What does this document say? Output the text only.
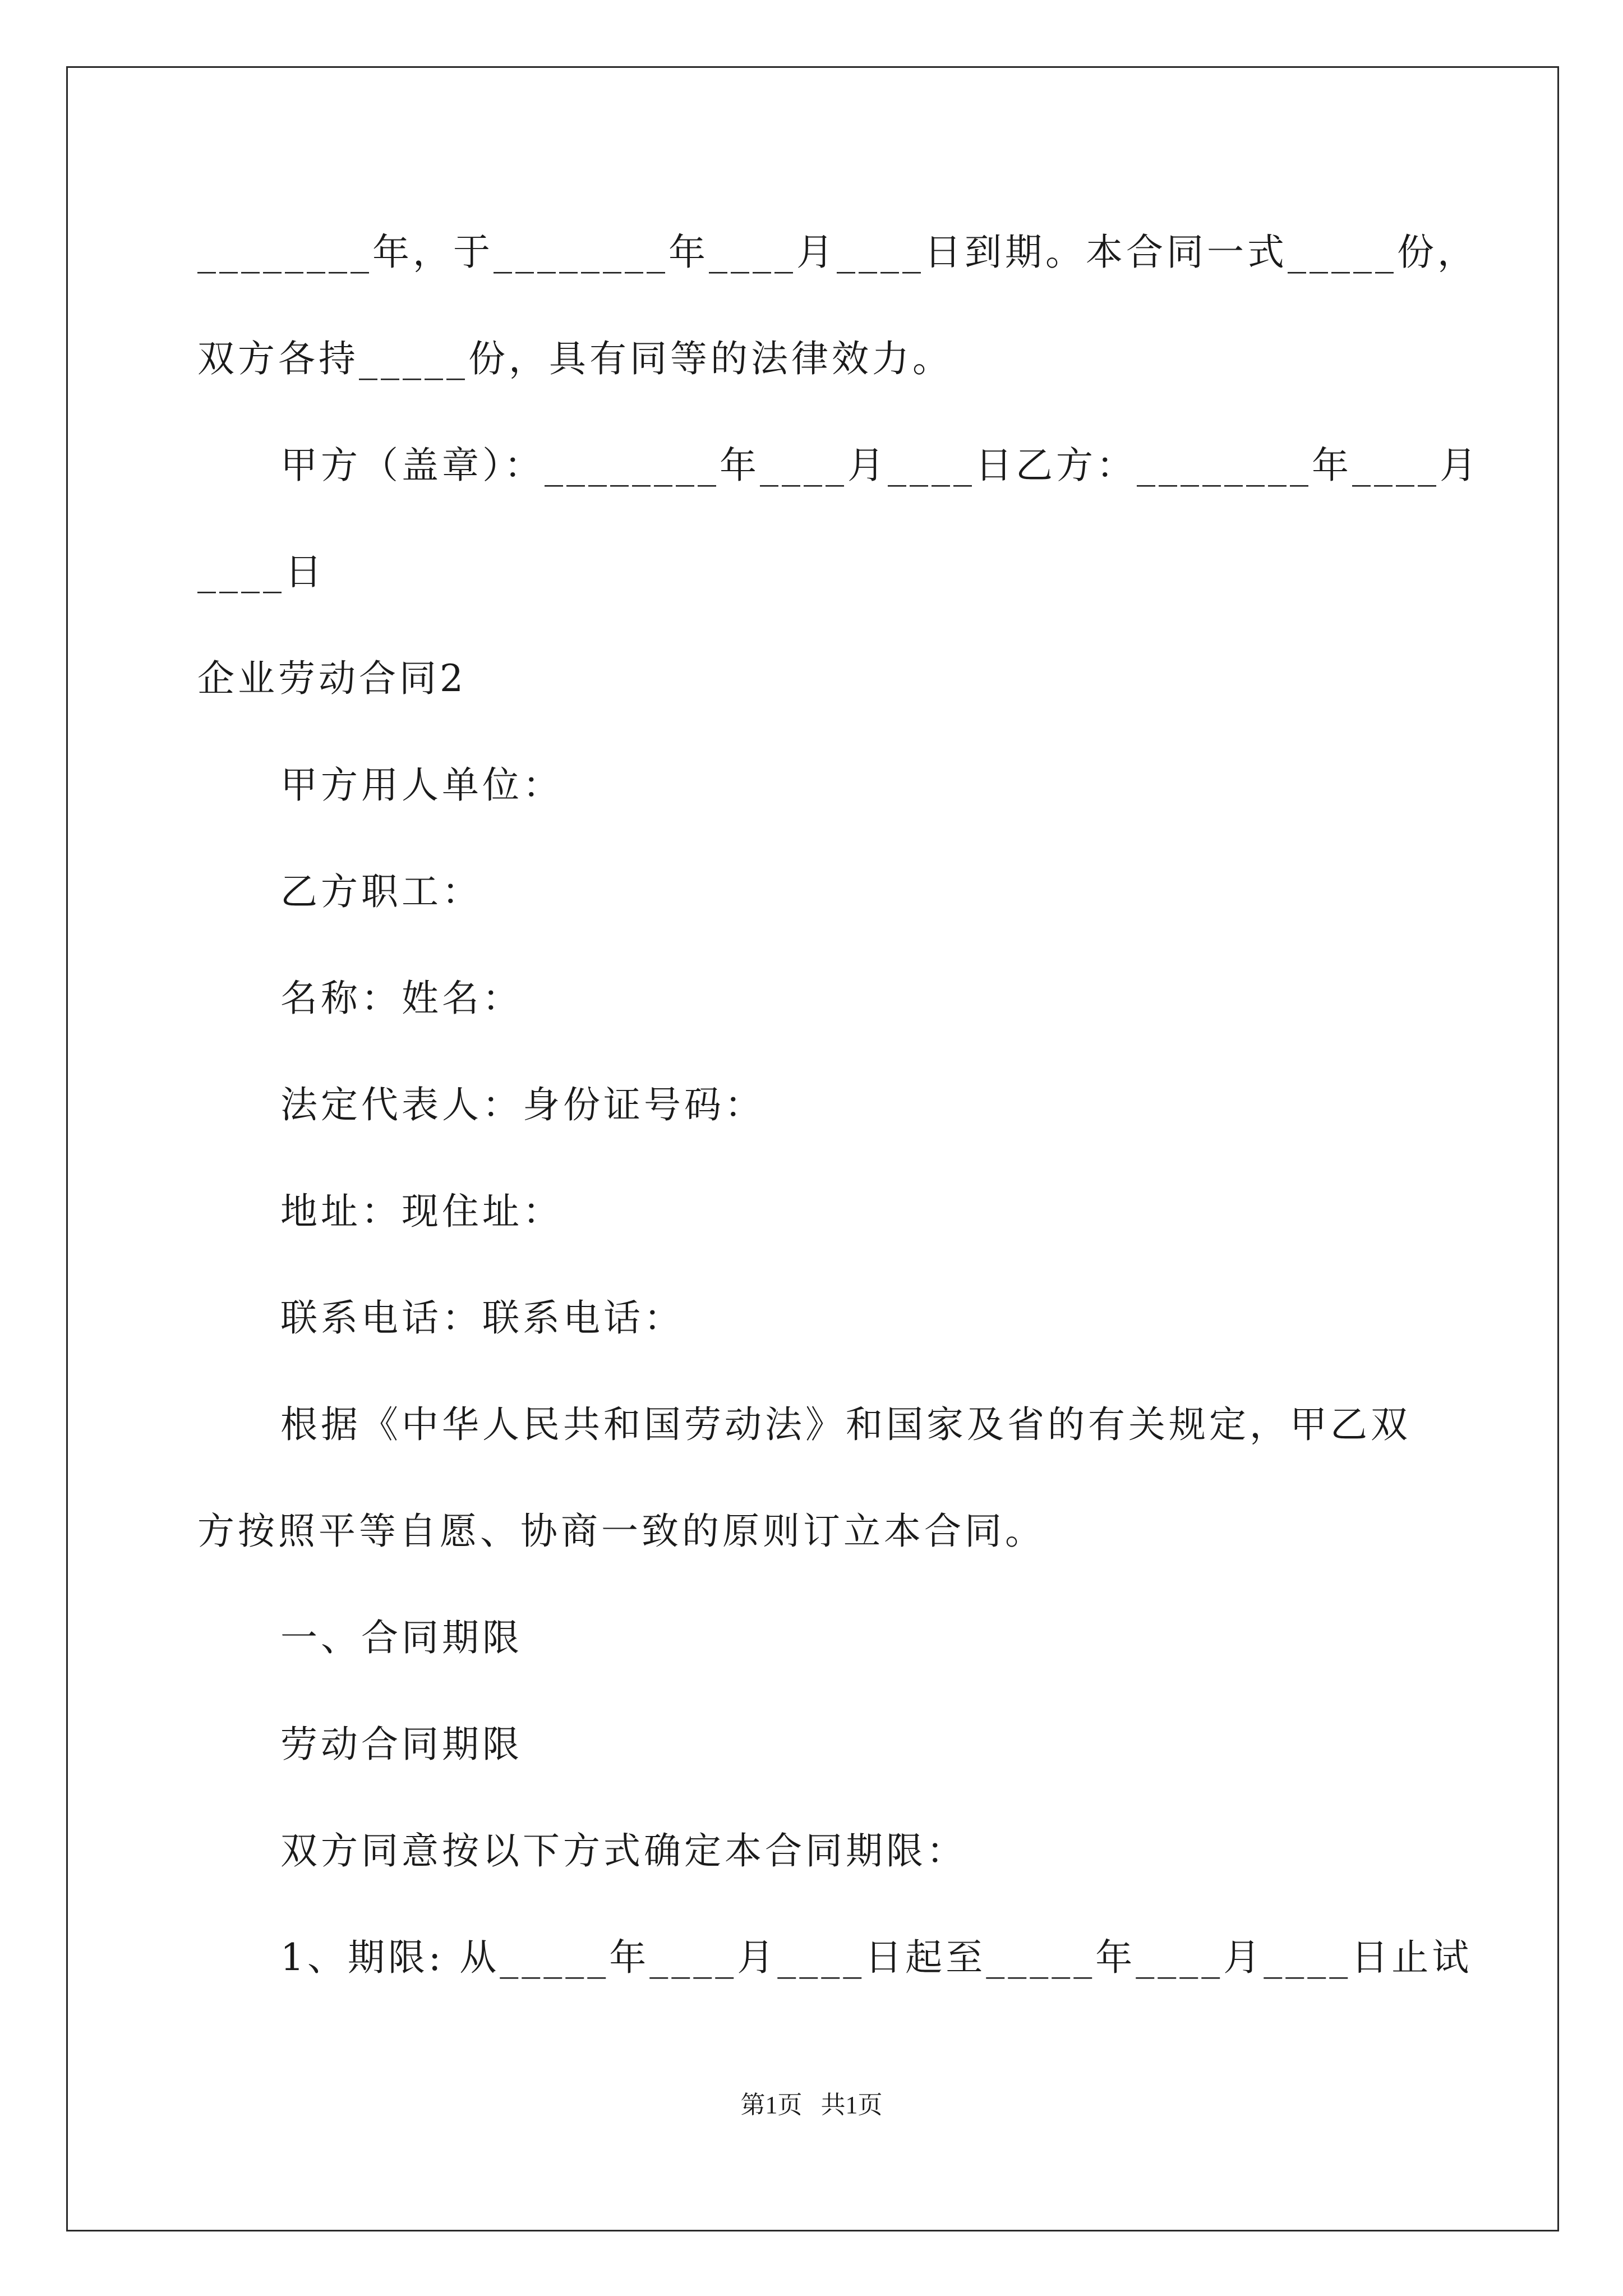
________年，于________年____月____日到期。本合同一式_____份，
双方各持_____份，具有同等的法律效力。
甲方（盖章）：________年____月____日乙方：________年____月
____日
企业劳动合同2
甲方用人单位：
乙方职工：
名称：姓名：
法定代表人：身份证号码：
地址：现住址：
联系电话：联系电话：
根据《中华人民共和国劳动法》和国家及省的有关规定，甲乙双
方按照平等自愿、协商一致的原则订立本合同。
一、合同期限
劳动合同期限
双方同意按以下方式确定本合同期限：
1、期限: 从_____年____月____日起至_____年____月____日止试
第1页   共1页
